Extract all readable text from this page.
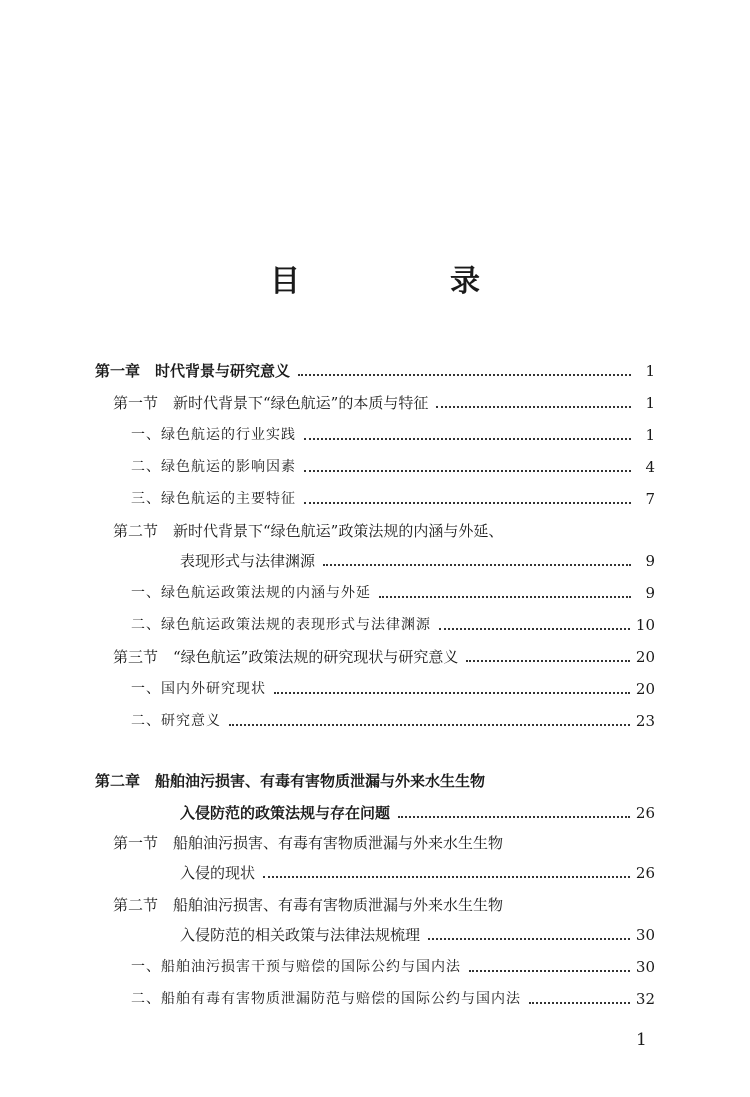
目　录
第一章　时代背景与研究意义	1
第一节　新时代背景下“绿色航运”的本质与特征	1
一、绿色航运的行业实践	1
二、绿色航运的影响因素	4
三、绿色航运的主要特征	7
第二节　新时代背景下“绿色航运”政策法规的内涵与外延、
表现形式与法律渊源	9
一、绿色航运政策法规的内涵与外延	9
二、绿色航运政策法规的表现形式与法律渊源	10
第三节　“绿色航运”政策法规的研究现状与研究意义	20
一、国内外研究现状	20
二、研究意义	23
第二章　船舶油污损害、有毒有害物质泄漏与外来水生生物
入侵防范的政策法规与存在问题	26
第一节　船舶油污损害、有毒有害物质泄漏与外来水生生物
入侵的现状	26
第二节　船舶油污损害、有毒有害物质泄漏与外来水生生物
入侵防范的相关政策与法律法规梳理	30
一、船舶油污损害干预与赔偿的国际公约与国内法	30
二、船舶有毒有害物质泄漏防范与赔偿的国际公约与国内法	32
1
